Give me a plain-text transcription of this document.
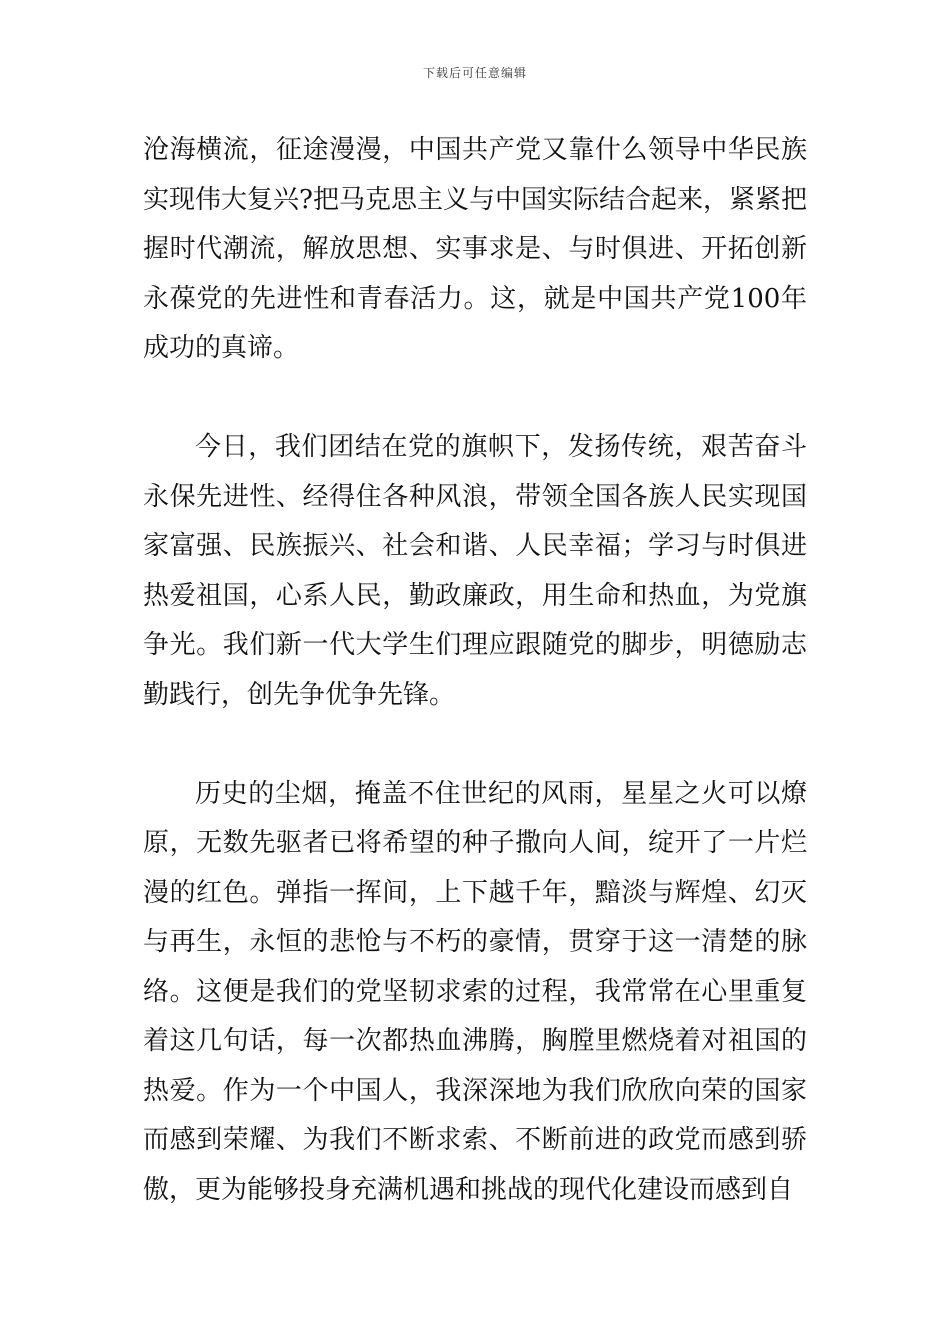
下载后可任意编辑

沧海横流，征途漫漫，中国共产党又靠什么领导中华民族实现伟大复兴?把马克思主义与中国实际结合起来，紧紧把握时代潮流，解放思想、实事求是、与时俱进、开拓创新永葆党的先进性和青春活力。这，就是中国共产党100年成功的真谛。

今日，我们团结在党的旗帜下，发扬传统，艰苦奋斗永保先进性、经得住各种风浪，带领全国各族人民实现国家富强、民族振兴、社会和谐、人民幸福；学习与时俱进热爱祖国，心系人民，勤政廉政，用生命和热血，为党旗争光。我们新一代大学生们理应跟随党的脚步，明德励志勤践行，创先争优争先锋。

历史的尘烟，掩盖不住世纪的风雨，星星之火可以燎原，无数先驱者已将希望的种子撒向人间，绽开了一片烂漫的红色。弹指一挥间，上下越千年，黯淡与辉煌、幻灭与再生，永恒的悲怆与不朽的豪情，贯穿于这一清楚的脉络。这便是我们的党坚韧求索的过程，我常常在心里重复着这几句话，每一次都热血沸腾，胸膛里燃烧着对祖国的热爱。作为一个中国人，我深深地为我们欣欣向荣的国家而感到荣耀、为我们不断求索、不断前进的政党而感到骄傲，更为能够投身充满机遇和挑战的现代化建设而感到自
